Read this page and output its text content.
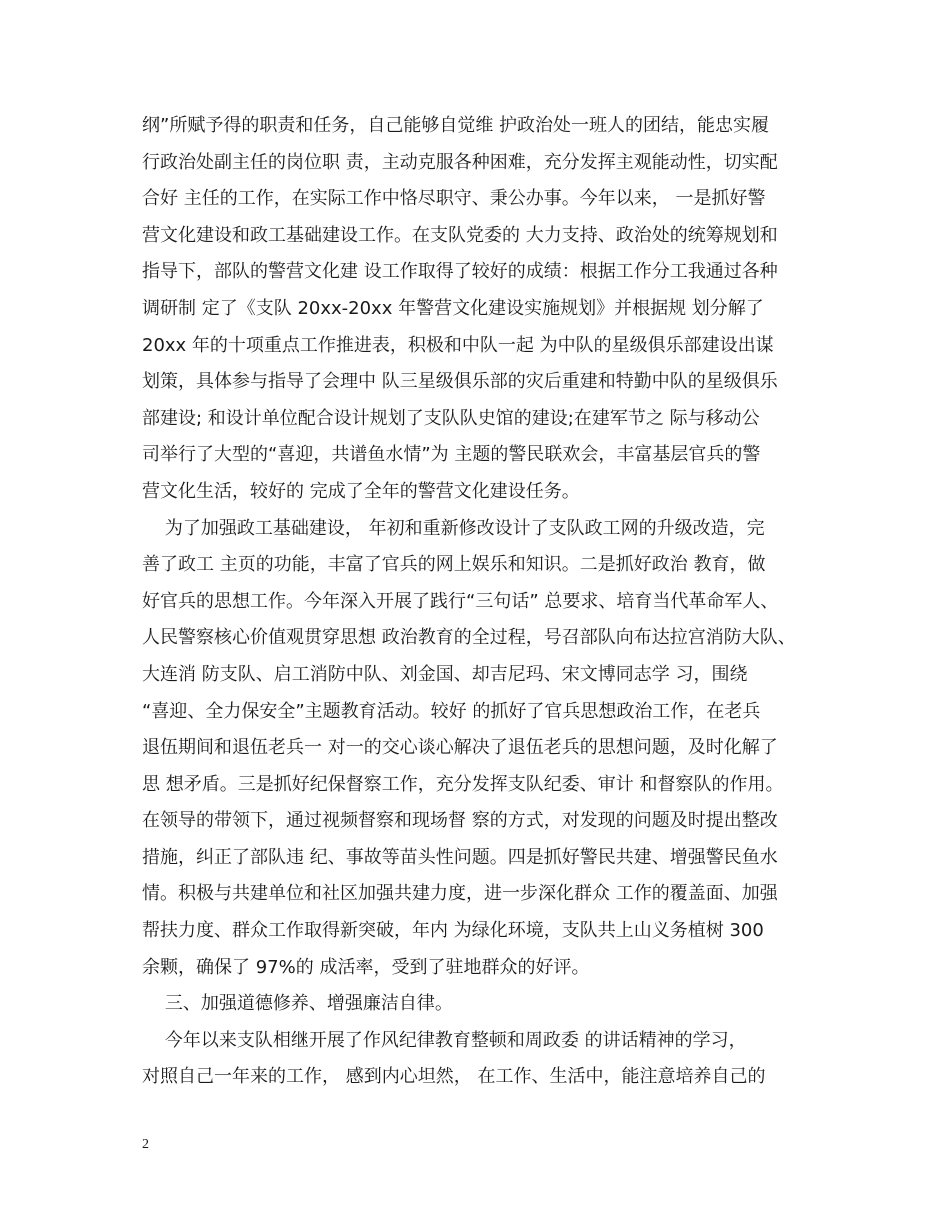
纲”所赋予得的职责和任务，自己能够自觉维 护政治处一班人的团结，能忠实履
行政治处副主任的岗位职 责，主动克服各种困难，充分发挥主观能动性，切实配
合好 主任的工作，在实际工作中恪尽职守、秉公办事。今年以来， 一是抓好警
营文化建设和政工基础建设工作。在支队党委的 大力支持、政治处的统筹规划和
指导下，部队的警营文化建 设工作取得了较好的成绩：根据工作分工我通过各种
调研制 定了《支队 20xx-20xx 年警营文化建设实施规划》并根据规 划分解了
20xx 年的十项重点工作推进表，积极和中队一起 为中队的星级俱乐部建设出谋
划策，具体参与指导了会理中 队三星级俱乐部的灾后重建和特勤中队的星级俱乐
部建设; 和设计单位配合设计规划了支队队史馆的建设;在建军节之 际与移动公
司举行了大型的“喜迎，共谱鱼水情”为 主题的警民联欢会，丰富基层官兵的警
营文化生活，较好的 完成了全年的警营文化建设任务。
为了加强政工基础建设， 年初和重新修改设计了支队政工网的升级改造，完
善了政工 主页的功能，丰富了官兵的网上娱乐和知识。二是抓好政治 教育，做
好官兵的思想工作。今年深入开展了践行“三句话” 总要求、培育当代革命军人、
人民警察核心价值观贯穿思想 政治教育的全过程，号召部队向布达拉宫消防大队、
大连消 防支队、启工消防中队、刘金国、却吉尼玛、宋文博同志学 习，围绕
“喜迎、全力保安全”主题教育活动。较好 的抓好了官兵思想政治工作，在老兵
退伍期间和退伍老兵一 对一的交心谈心解决了退伍老兵的思想问题，及时化解了
思 想矛盾。三是抓好纪保督察工作，充分发挥支队纪委、审计 和督察队的作用。
在领导的带领下，通过视频督察和现场督 察的方式，对发现的问题及时提出整改
措施，纠正了部队违 纪、事故等苗头性问题。四是抓好警民共建、增强警民鱼水
情。积极与共建单位和社区加强共建力度，进一步深化群众 工作的覆盖面、加强
帮扶力度、群众工作取得新突破，年内 为绿化环境，支队共上山义务植树 300
余颗，确保了 97%的 成活率，受到了驻地群众的好评。
三、加强道德修养、增强廉洁自律。
今年以来支队相继开展了作风纪律教育整顿和周政委 的讲话精神的学习，
对照自己一年来的工作， 感到内心坦然， 在工作、生活中，能注意培养自己的
2
